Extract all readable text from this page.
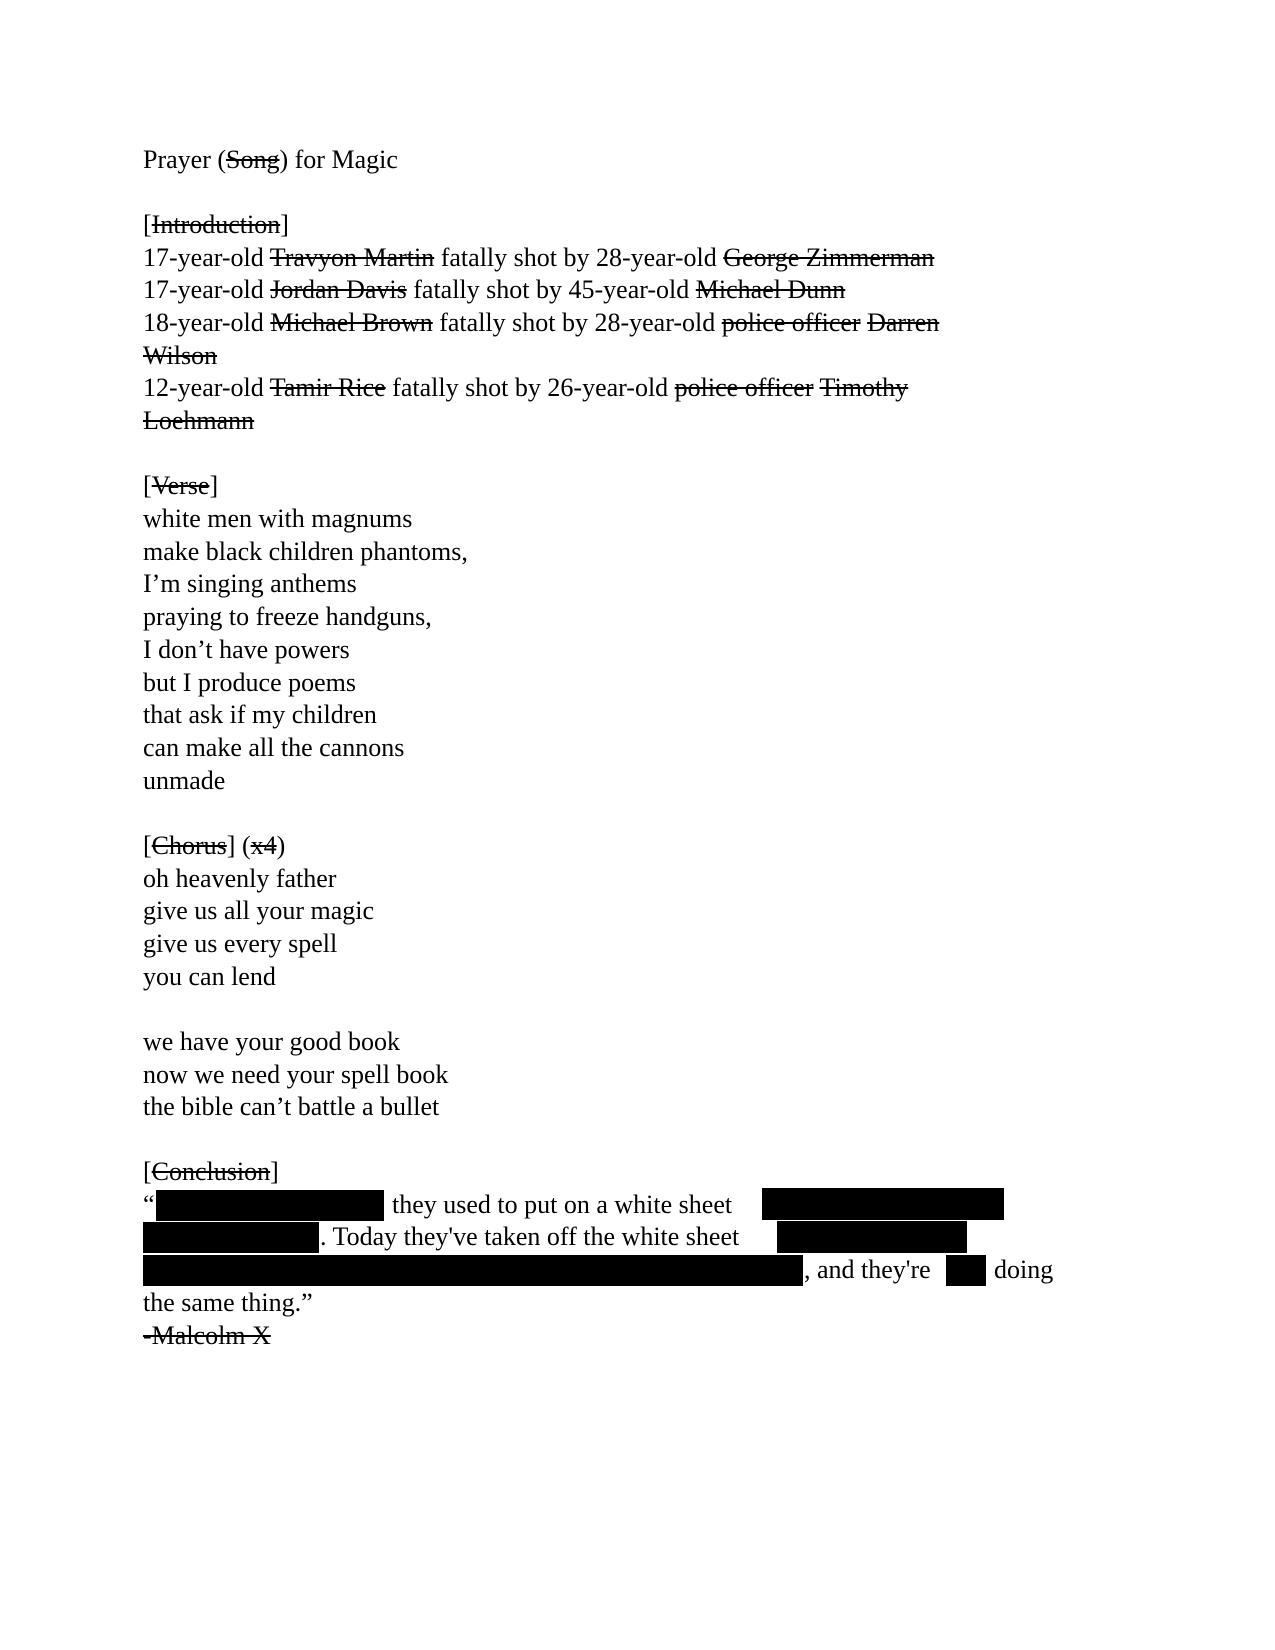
Prayer (Song) for Magic
[Introduction]
17-year-old Travyon Martin fatally shot by 28-year-old George Zimmerman
17-year-old Jordan Davis fatally shot by 45-year-old Michael Dunn
18-year-old Michael Brown fatally shot by 28-year-old police officer Darren Wilson
12-year-old Tamir Rice fatally shot by 26-year-old police officer Timothy Loehmann
[Verse]
white men with magnums
make black children phantoms,
I’m singing anthems
praying to freeze handguns,
I don’t have powers
but I produce poems
that ask if my children
can make all the cannons
unmade
[Chorus] (x4)
oh heavenly father
give us all your magic
give us every spell
you can lend
we have your good book
now we need your spell book
the bible can’t battle a bullet
[Conclusion]
“	they used to put on a white sheet
. Today they've taken off the white sheet
, and they're doing
the same thing.”
-Malcolm X
